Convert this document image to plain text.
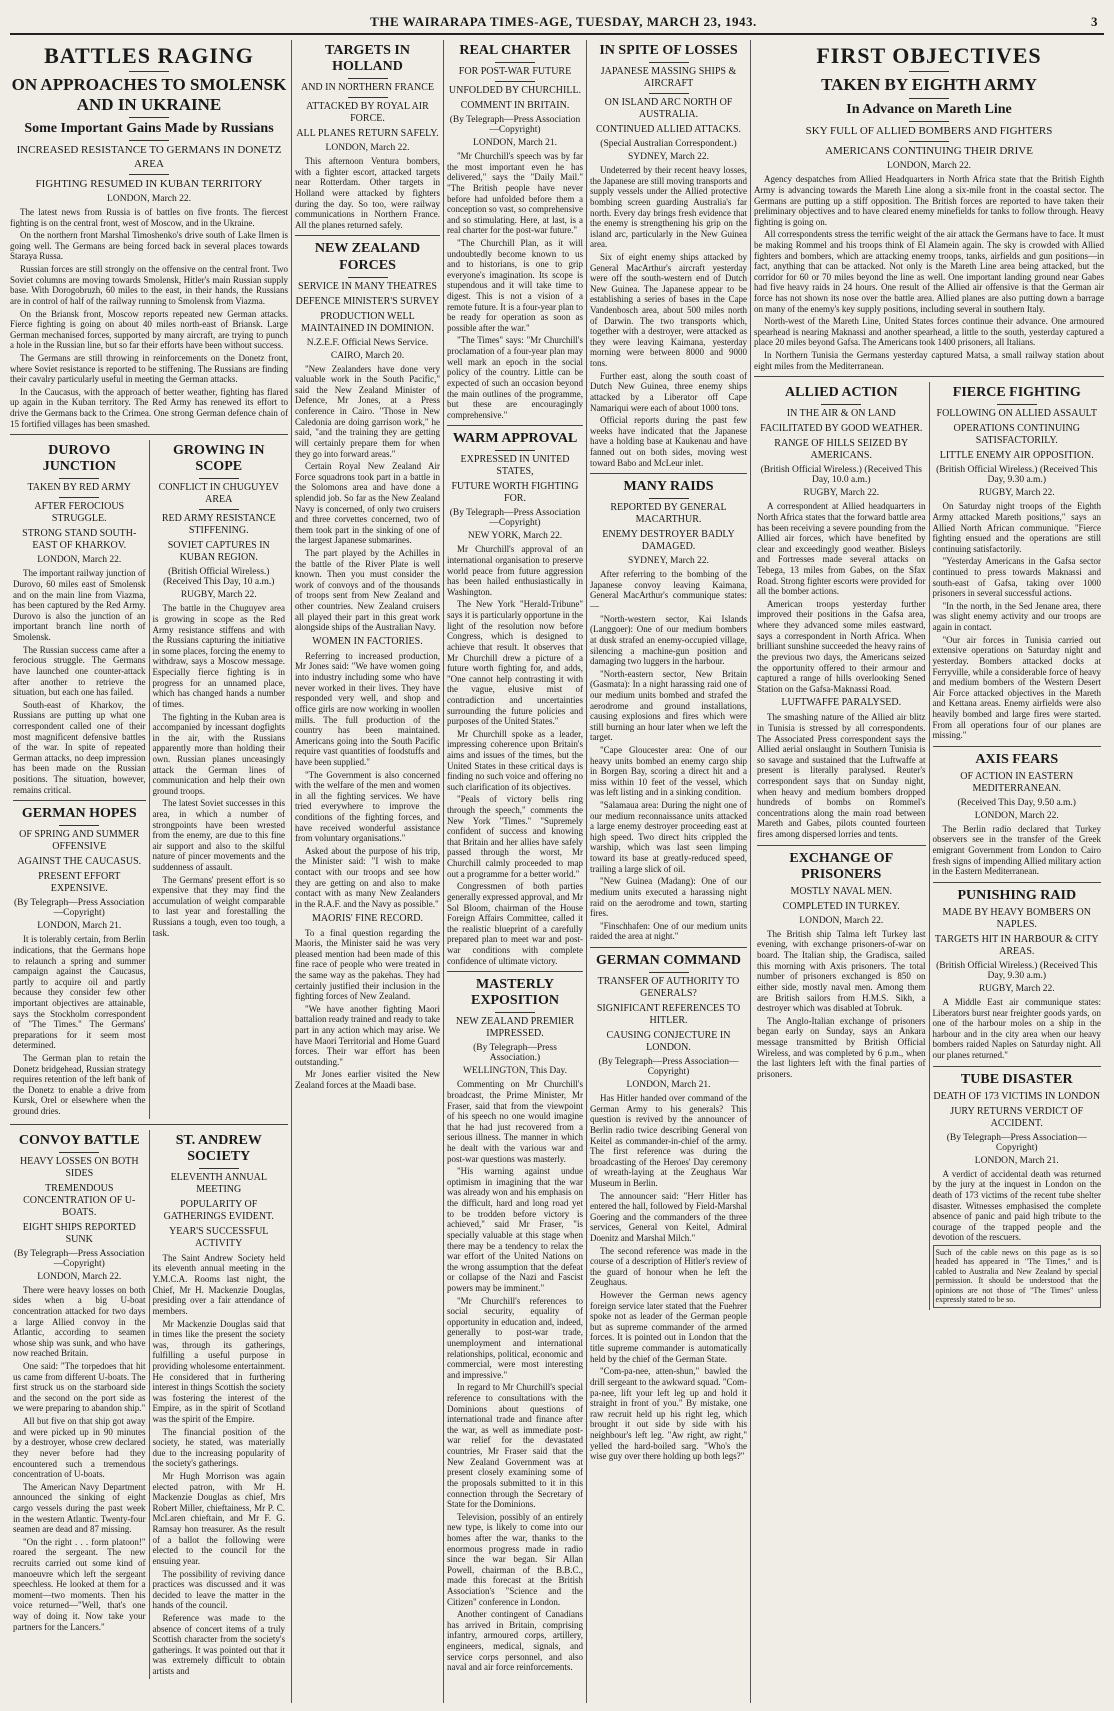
THE WAIRARAPA TIMES-AGE, TUESDAY, MARCH 23, 1943.	3
BATTLES RAGING
ON APPROACHES TO SMOLENSK AND IN UKRAINE
Some Important Gains Made by Russians
INCREASED RESISTANCE TO GERMANS IN DONETZ AREA
FIGHTING RESUMED IN KUBAN TERRITORY
LONDON, March 22.

The latest news from Russia is of battles on five fronts. The fiercest fighting is on the central front, west of Moscow, and in the Ukraine.

On the northern front Marshal Timoshenko's drive south of Lake Ilmen is going well. The Germans are being forced back in several places towards Staraya Russa.

Russian forces are still strongly on the offensive on the central front. Two Soviet columns are moving towards Smolensk, Hitler's main Russian supply base. With Dorogobruzh, 60 miles to the east, in their hands, the Russians are in control of half of the railway running to Smolensk from Viazma.

On the Briansk front, Moscow reports repeated new German attacks. Fierce fighting is going on about 40 miles north-east of Briansk. Large German mechanised forces, supported by many aircraft, are trying to punch a hole in the Russian line, but so far their efforts have been without success.

The Germans are still throwing in reinforcements on the Donetz front, where Soviet resistance is reported to be stiffening. The Russians are finding their cavalry particularly useful in meeting the German attacks.

In the Caucasus, with the approach of better weather, fighting has flared up again in the Kuban territory. The Red Army has renewed its effort to drive the Germans back to the Crimea. One strong German defence chain of 15 fortified villages has been smashed.

DUROVO JUNCTION
TAKEN BY RED ARMY
AFTER FEROCIOUS STRUGGLE.
STRONG STAND SOUTH-EAST OF KHARKOV.
LONDON, March 22.

The important railway junction of Durovo, 60 miles east of Smolensk and on the main line from Viazma, has been captured by the Red Army. Durovo is also the junction of an important branch line north of Smolensk.

The Russian success came after a ferocious struggle. The Germans have launched one counter-attack after another to retrieve the situation, but each one has failed.

South-east of Kharkov, the Russians are putting up what one correspondent called one of their most magnificent defensive battles of the war. In spite of repeated German attacks, no deep impression has been made on the Russian positions. The situation, however, remains critical.

GERMAN HOPES
OF SPRING AND SUMMER OFFENSIVE
AGAINST THE CAUCASUS.
PRESENT EFFORT EXPENSIVE.
(By Telegraph—Press Association—Copyright)
LONDON, March 21.

It is tolerably certain, from Berlin indications, that the Germans hope to relaunch a spring and summer campaign against the Caucasus, partly to acquire oil and partly because they consider few other important objectives are attainable, says the Stockholm correspondent of "The Times." The Germans' preparations for it seem most determined.

The German plan to retain the Donetz bridgehead, Russian strategy requires retention of the left bank of the Donetz to enable a drive from Kursk, Orel or elsewhere when the ground dries.

GROWING IN SCOPE
CONFLICT IN CHUGUYEV AREA
RED ARMY RESISTANCE STIFFENING.
SOVIET CAPTURES IN KUBAN REGION.
(British Official Wireless.) (Received This Day, 10 a.m.)
RUGBY, March 22.

The battle in the Chuguyev area is growing in scope as the Red Army resistance stiffens and with the Russians capturing the initiative in some places, forcing the enemy to withdraw, says a Moscow message. Especially fierce fighting is in progress for an unnamed place, which has changed hands a number of times.

The fighting in the Kuban area is accompanied by incessant dogfights in the air, with the Russians apparently more than holding their own. Russian planes unceasingly attack the German lines of communication and help their own ground troops.

The latest Soviet successes in this area, in which a number of strongpoints have been wrested from the enemy, are due to this fine air support and also to the skilful nature of pincer movements and the suddenness of assault.

The Germans' present effort is so expensive that they may find the accumulation of weight comparable to last year and forestalling the Russians a tough, even too tough, a task.

CONVOY BATTLE
HEAVY LOSSES ON BOTH SIDES
TREMENDOUS CONCENTRATION OF U-BOATS.
EIGHT SHIPS REPORTED SUNK
(By Telegraph—Press Association—Copyright)
LONDON, March 22.

There were heavy losses on both sides when a big U-boat concentration attacked for two days a large Allied convoy in the Atlantic, according to seamen whose ship was sunk, and who have now reached Britain.

One said: "The torpedoes that hit us came from different U-boats. The first struck us on the starboard side and the second on the port side as we were preparing to abandon ship."

All but five on that ship got away and were picked up in 90 minutes by a destroyer, whose crew declared they never before had they encountered such a tremendous concentration of U-boats.

The American Navy Department announced the sinking of eight cargo vessels during the past week in the western Atlantic. Twenty-four seamen are dead and 87 missing.

"On the right . . . form platoon!" roared the sergeant. The new recruits carried out some kind of manoeuvre which left the sergeant speechless. He looked at them for a moment—two moments. Then his voice returned—"Well, that's one way of doing it. Now take your partners for the Lancers."

ST. ANDREW SOCIETY
ELEVENTH ANNUAL MEETING
POPULARITY OF GATHERINGS EVIDENT.
YEAR'S SUCCESSFUL ACTIVITY

The Saint Andrew Society held its eleventh annual meeting in the Y.M.C.A. Rooms last night, the Chief, Mr H. Mackenzie Douglas, presiding over a fair attendance of members.

Mr Mackenzie Douglas said that in times like the present the society was, through its gatherings, fulfilling a useful purpose in providing wholesome entertainment. He considered that in furthering interest in things Scottish the society was fostering the interest of the Empire, as in the spirit of Scotland was the spirit of the Empire.

The financial position of the society, he stated, was materially due to the increasing popularity of the society's gatherings.

Mr Hugh Morrison was again elected patron, with Mr H. Mackenzie Douglas as chief, Mrs Robert Miller, chieftainess, Mr P. C. McLaren chieftain, and Mr F. G. Ramsay hon treasurer. As the result of a ballot the following were elected to the council for the ensuing year.

The possibility of reviving dance practices was discussed and it was decided to leave the matter in the hands of the council.

Reference was made to the absence of concert items of a truly Scottish character from the society's gatherings. It was pointed out that it was extremely difficult to obtain artists and

TARGETS IN HOLLAND
AND IN NORTHERN FRANCE
ATTACKED BY ROYAL AIR FORCE.
ALL PLANES RETURN SAFELY.
LONDON, March 22.

This afternoon Ventura bombers, with a fighter escort, attacked targets near Rotterdam. Other targets in Holland were attacked by fighters during the day. So too, were railway communications in Northern France. All the planes returned safely.

NEW ZEALAND FORCES
SERVICE IN MANY THEATRES
DEFENCE MINISTER'S SURVEY
PRODUCTION WELL MAINTAINED IN DOMINION.
N.Z.E.F. Official News Service.
CAIRO, March 20.

"New Zealanders have done very valuable work in the South Pacific," said the New Zealand Minister of Defence, Mr Jones, at a Press conference in Cairo. "Those in New Caledonia are doing garrison work," he said, "and the training they are getting will certainly prepare them for when they go into forward areas."

Certain Royal New Zealand Air Force squadrons took part in a battle in the Solomons area and have done a splendid job. So far as the New Zealand Navy is concerned, of only two cruisers and three corvettes concerned, two of them took part in the sinking of one of the largest Japanese submarines.

The part played by the Achilles in the battle of the River Plate is well known. Then you must consider the work of convoys and of the thousands of troops sent from New Zealand and other countries. New Zealand cruisers all played their part in this great work alongside ships of the Australian Navy.

WOMEN IN FACTORIES.

Referring to increased production, Mr Jones said: "We have women going into industry including some who have never worked in their lives. They have responded very well, and shop and office girls are now working in woollen mills. The full production of the country has been maintained. Americans going into the South Pacific require vast quantities of foodstuffs and have been supplied."

"The Government is also concerned with the welfare of the men and women in all the fighting services. We have tried everywhere to improve the conditions of the fighting forces, and have received wonderful assistance from voluntary organisations."

Asked about the purpose of his trip, the Minister said: "I wish to make contact with our troops and see how they are getting on and also to make contact with as many New Zealanders in the R.A.F. and the Navy as possible."

MAORIS' FINE RECORD.

To a final question regarding the Maoris, the Minister said he was very pleased mention had been made of this fine race of people who were treated in the same way as the pakehas. They had certainly justified their inclusion in the fighting forces of New Zealand.

"We have another fighting Maori battalion ready trained and ready to take part in any action which may arise. We have Maori Territorial and Home Guard forces. Their war effort has been outstanding."

Mr Jones earlier visited the New Zealand forces at the Maadi base.

REAL CHARTER
FOR POST-WAR FUTURE
UNFOLDED BY CHURCHILL.
COMMENT IN BRITAIN.
(By Telegraph—Press Association—Copyright)
LONDON, March 21.

"Mr Churchill's speech was by far the most important even he has delivered," says the "Daily Mail." "The British people have never before had unfolded before them a conception so vast, so comprehensive and so stimulating. Here, at last, is a real charter for the post-war future."

"The Churchill Plan, as it will undoubtedly become known to us and to historians, is one to grip everyone's imagination. Its scope is stupendous and it will take time to digest. This is not a vision of a remote future. It is a four-year plan to be ready for operation as soon as possible after the war."

"The Times" says: "Mr Churchill's proclamation of a four-year plan may well mark an epoch in the social policy of the country. Little can be expected of such an occasion beyond the main outlines of the programme, but these are encouragingly comprehensive."

WARM APPROVAL
EXPRESSED IN UNITED STATES,
FUTURE WORTH FIGHTING FOR.
(By Telegraph—Press Association—Copyright)
NEW YORK, March 22.

Mr Churchill's approval of an international organisation to preserve world peace from future aggression has been hailed enthusiastically in Washington.

The New York "Herald-Tribune" says it is particularly opportune in the light of the resolution now before Congress, which is designed to achieve that result. It observes that Mr Churchill drew a picture of a future worth fighting for, and adds, "One cannot help contrasting it with the vague, elusive mist of contradiction and uncertainties surrounding the future policies and purposes of the United States."

Mr Churchill spoke as a leader, impressing coherence upon Britain's aims and issues of the times, but the United States in these critical days is finding no such voice and offering no such clarification of its objectives.

"Peals of victory bells ring through the speech," comments the New York "Times." "Supremely confident of success and knowing that Britain and her allies have safely passed through the worst, Mr Churchill calmly proceeded to map out a programme for a better world."

Congressmen of both parties generally expressed approval, and Mr Sol Bloom, chairman of the House Foreign Affairs Committee, called it the realistic blueprint of a carefully prepared plan to meet war and post-war conditions with complete confidence of ultimate victory.

MASTERLY EXPOSITION
NEW ZEALAND PREMIER IMPRESSED.
(By Telegraph—Press Association.)
WELLINGTON, This Day.

Commenting on Mr Churchill's broadcast, the Prime Minister, Mr Fraser, said that from the viewpoint of his speech no one would imagine that he had just recovered from a serious illness. The manner in which he dealt with the various war and post-war questions was masterly.

"His warning against undue optimism in imagining that the war was already won and his emphasis on the difficult, hard and long road yet to be trodden before victory is achieved," said Mr Fraser, "is specially valuable at this stage when there may be a tendency to relax the war effort of the United Nations on the wrong assumption that the defeat or collapse of the Nazi and Fascist powers may be imminent."

"Mr Churchill's references to social security, equality of opportunity in education and, indeed, generally to post-war trade, unemployment and international relationships, political, economic and commercial, were most interesting and impressive."

In regard to Mr Churchill's special reference to consultations with the Dominions about questions of international trade and finance after the war, as well as immediate post-war relief for the devastated countries, Mr Fraser said that the New Zealand Government was at present closely examining some of the proposals submitted to it in this connection through the Secretary of State for the Dominions.

Television, possibly of an entirely new type, is likely to come into our homes after the war, thanks to the enormous progress made in radio since the war began. Sir Allan Powell, chairman of the B.B.C., made this forecast at the British Association's "Science and the Citizen" conference in London.

Another contingent of Canadians has arrived in Britain, comprising infantry, armoured corps, artillery, engineers, medical, signals, and service corps personnel, and also naval and air force reinforcements.

IN SPITE OF LOSSES
JAPANESE MASSING SHIPS & AIRCRAFT
ON ISLAND ARC NORTH OF AUSTRALIA.
CONTINUED ALLIED ATTACKS.
(Special Australian Correspondent.)
SYDNEY, March 22.

Undeterred by their recent heavy losses, the Japanese are still moving transports and supply vessels under the Allied protective bombing screen guarding Australia's far north. Every day brings fresh evidence that the enemy is strengthening his grip on the island arc, particularly in the New Guinea area.

Six of eight enemy ships attacked by General MacArthur's aircraft yesterday were off the south-western end of Dutch New Guinea. The Japanese appear to be establishing a series of bases in the Cape Vandenbosch area, about 500 miles north of Darwin. The two transports which, together with a destroyer, were attacked as they were leaving Kaimana, yesterday morning were between 8000 and 9000 tons.

Further east, along the south coast of Dutch New Guinea, three enemy ships attacked by a Liberator off Cape Namariqui were each of about 1000 tons.

Official reports during the past few weeks have indicated that the Japanese have a holding base at Kaukenau and have fanned out on both sides, moving west toward Babo and McLeur inlet.

MANY RAIDS
REPORTED BY GENERAL MACARTHUR.
ENEMY DESTROYER BADLY DAMAGED.
SYDNEY, March 22.

After referring to the bombing of the Japanese convoy leaving Kaimana, General MacArthur's communique states:—

"North-western sector, Kai Islands (Langgoer): One of our medium bombers at dusk strafed an enemy-occupied village, silencing a machine-gun position and damaging two luggers in the harbour.

"North-eastern sector, New Britain (Gasmata): In a night harassing raid one of our medium units bombed and strafed the aerodrome and ground installations, causing explosions and fires which were still burning an hour later when we left the target.

"Cape Gloucester area: One of our heavy units bombed an enemy cargo ship in Borgen Bay, scoring a direct hit and a miss within 10 feet of the vessel, which was left listing and in a sinking condition.

"Salamaua area: During the night one of our medium reconnaissance units attacked a large enemy destroyer proceeding east at high speed. Two direct hits crippled the warship, which was last seen limping toward its base at greatly-reduced speed, trailing a large slick of oil.

"New Guinea (Madang): One of our medium units executed a harassing night raid on the aerodrome and town, starting fires.

"Finschhafen: One of our medium units raided the area at night."

GERMAN COMMAND
TRANSFER OF AUTHORITY TO GENERALS?
SIGNIFICANT REFERENCES TO HITLER.
CAUSING CONJECTURE IN LONDON.
(By Telegraph—Press Association—Copyright)
LONDON, March 21.

Has Hitler handed over command of the German Army to his generals? This question is revived by the announcer of Berlin radio twice describing General von Keitel as commander-in-chief of the army. The first reference was during the broadcasting of the Heroes' Day ceremony of wreath-laying at the Zeughaus War Museum in Berlin.

The announcer said: "Herr Hitler has entered the hall, followed by Field-Marshal Goering and the commanders of the three services, General von Keitel, Admiral Doenitz and Marshal Milch."

The second reference was made in the course of a description of Hitler's review of the guard of honour when he left the Zeughaus.

However the German news agency foreign service later stated that the Fuehrer spoke not as leader of the German people but as supreme commander of the armed forces. It is pointed out in London that the title supreme commander is automatically held by the chief of the German State.

"Com-pa-nee, atten-shun," bawled the drill sergeant to the awkward squad. "Com-pa-nee, lift your left leg up and hold it straight in front of you." By mistake, one raw recruit held up his right leg, which brought it out side by side with his neighbour's left leg. "Aw right, aw right," yelled the hard-boiled sarg. "Who's the wise guy over there holding up both legs?"

FIRST OBJECTIVES
TAKEN BY EIGHTH ARMY
In Advance on Mareth Line
SKY FULL OF ALLIED BOMBERS AND FIGHTERS
AMERICANS CONTINUING THEIR DRIVE
LONDON, March 22.

Agency despatches from Allied Headquarters in North Africa state that the British Eighth Army is advancing towards the Mareth Line along a six-mile front in the coastal sector. The Germans are putting up a stiff opposition. The British forces are reported to have taken their preliminary objectives and to have cleared enemy minefields for tanks to follow through. Heavy fighting is going on.

All correspondents stress the terrific weight of the air attack the Germans have to face. It must be making Rommel and his troops think of El Alamein again. The sky is crowded with Allied fighters and bombers, which are attacking enemy troops, tanks, airfields and gun positions—in fact, anything that can be attacked. Not only is the Mareth Line area being attacked, but the corridor for 60 or 70 miles beyond the line as well. One important landing ground near Gabes had five heavy raids in 24 hours. One result of the Allied air offensive is that the German air force has not shown its nose over the battle area. Allied planes are also putting down a barrage on many of the enemy's key supply positions, including several in southern Italy.

North-west of the Mareth Line, United States forces continue their advance. One armoured spearhead is nearing Maknassi and another spearhead, a little to the south, yesterday captured a place 20 miles beyond Gafsa. The Americans took 1400 prisoners, all Italians.

In Northern Tunisia the Germans yesterday captured Matsa, a small railway station about eight miles from the Mediterranean.

ALLIED ACTION
IN THE AIR & ON LAND
FACILITATED BY GOOD WEATHER.
RANGE OF HILLS SEIZED BY AMERICANS.
(British Official Wireless.) (Received This Day, 10.0 a.m.)
RUGBY, March 22.

A correspondent at Allied headquarters in North Africa states that the forward battle area has been receiving a severe pounding from the Allied air forces, which have benefited by clear and exceedingly good weather. Bisleys and Fortresses made several attacks on Tebega, 13 miles from Gabes, on the Sfax Road. Strong fighter escorts were provided for all the bomber actions.

American troops yesterday further improved their positions in the Gafsa area, where they advanced some miles eastward, says a correspondent in North Africa. When brilliant sunshine succeeded the heavy rains of the previous two days, the Americans seized the opportunity offered to their armour and captured a range of hills overlooking Sened Station on the Gafsa-Maknassi Road.

LUFTWAFFE PARALYSED.

The smashing nature of the Allied air blitz in Tunisia is stressed by all correspondents. The Associated Press correspondent says the Allied aerial onslaught in Southern Tunisia is so savage and sustained that the Luftwaffe at present is literally paralysed. Reuter's correspondent says that on Sunday night, when heavy and medium bombers dropped hundreds of bombs on Rommel's concentrations along the main road between Mareth and Gabes, pilots counted fourteen fires among dispersed lorries and tents.

EXCHANGE OF PRISONERS
MOSTLY NAVAL MEN.
COMPLETED IN TURKEY.
LONDON, March 22.

The British ship Talma left Turkey last evening, with exchange prisoners-of-war on board. The Italian ship, the Gradisca, sailed this morning with Axis prisoners. The total number of prisoners exchanged is 850 on either side, mostly naval men. Among them are British sailors from H.M.S. Sikh, a destroyer which was disabled at Tobruk.

The Anglo-Italian exchange of prisoners began early on Sunday, says an Ankara message transmitted by British Official Wireless, and was completed by 6 p.m., when the last lighters left with the final parties of prisoners.

FIERCE FIGHTING
FOLLOWING ON ALLIED ASSAULT
OPERATIONS CONTINUING SATISFACTORILY.
LITTLE ENEMY AIR OPPOSITION.
(British Official Wireless.) (Received This Day, 9.30 a.m.)
RUGBY, March 22.

On Saturday night troops of the Eighth Army attacked Mareth positions," says an Allied North African communique. "Fierce fighting ensued and the operations are still continuing satisfactorily.

"Yesterday Americans in the Gafsa sector continued to press towards Maknassi and south-east of Gafsa, taking over 1000 prisoners in several successful actions.

"In the north, in the Sed Jenane area, there was slight enemy activity and our troops are again in contact.

"Our air forces in Tunisia carried out extensive operations on Saturday night and yesterday. Bombers attacked docks at Ferryville, while a considerable force of heavy and medium bombers of the Western Desert Air Force attacked objectives in the Mareth and Kettana areas. Enemy airfields were also heavily bombed and large fires were started. From all operations four of our planes are missing."

AXIS FEARS
OF ACTION IN EASTERN MEDITERRANEAN.
(Received This Day, 9.50 a.m.)
LONDON, March 22.

The Berlin radio declared that Turkey observers see in the transfer of the Greek emigrant Government from London to Cairo fresh signs of impending Allied military action in the Eastern Mediterranean.

PUNISHING RAID
MADE BY HEAVY BOMBERS ON NAPLES.
TARGETS HIT IN HARBOUR & CITY AREAS.
(British Official Wireless.) (Received This Day, 9.30 a.m.)
RUGBY, March 22.

A Middle East air communique states: Liberators burst near freighter goods yards, on one of the harbour moles on a ship in the harbour and in the city area when our heavy bombers raided Naples on Saturday night. All our planes returned."

TUBE DISASTER
DEATH OF 173 VICTIMS IN LONDON
JURY RETURNS VERDICT OF ACCIDENT.
(By Telegraph—Press Association—Copyright)
LONDON, March 21.

A verdict of accidental death was returned by the jury at the inquest in London on the death of 173 victims of the recent tube shelter disaster. Witnesses emphasised the complete absence of panic and paid high tribute to the courage of the trapped people and the devotion of the rescuers.

Such of the cable news on this page as is so headed has appeared in "The Times," and is cabled to Australia and New Zealand by special permission. It should be understood that the opinions are not those of "The Times" unless expressly stated to be so.
